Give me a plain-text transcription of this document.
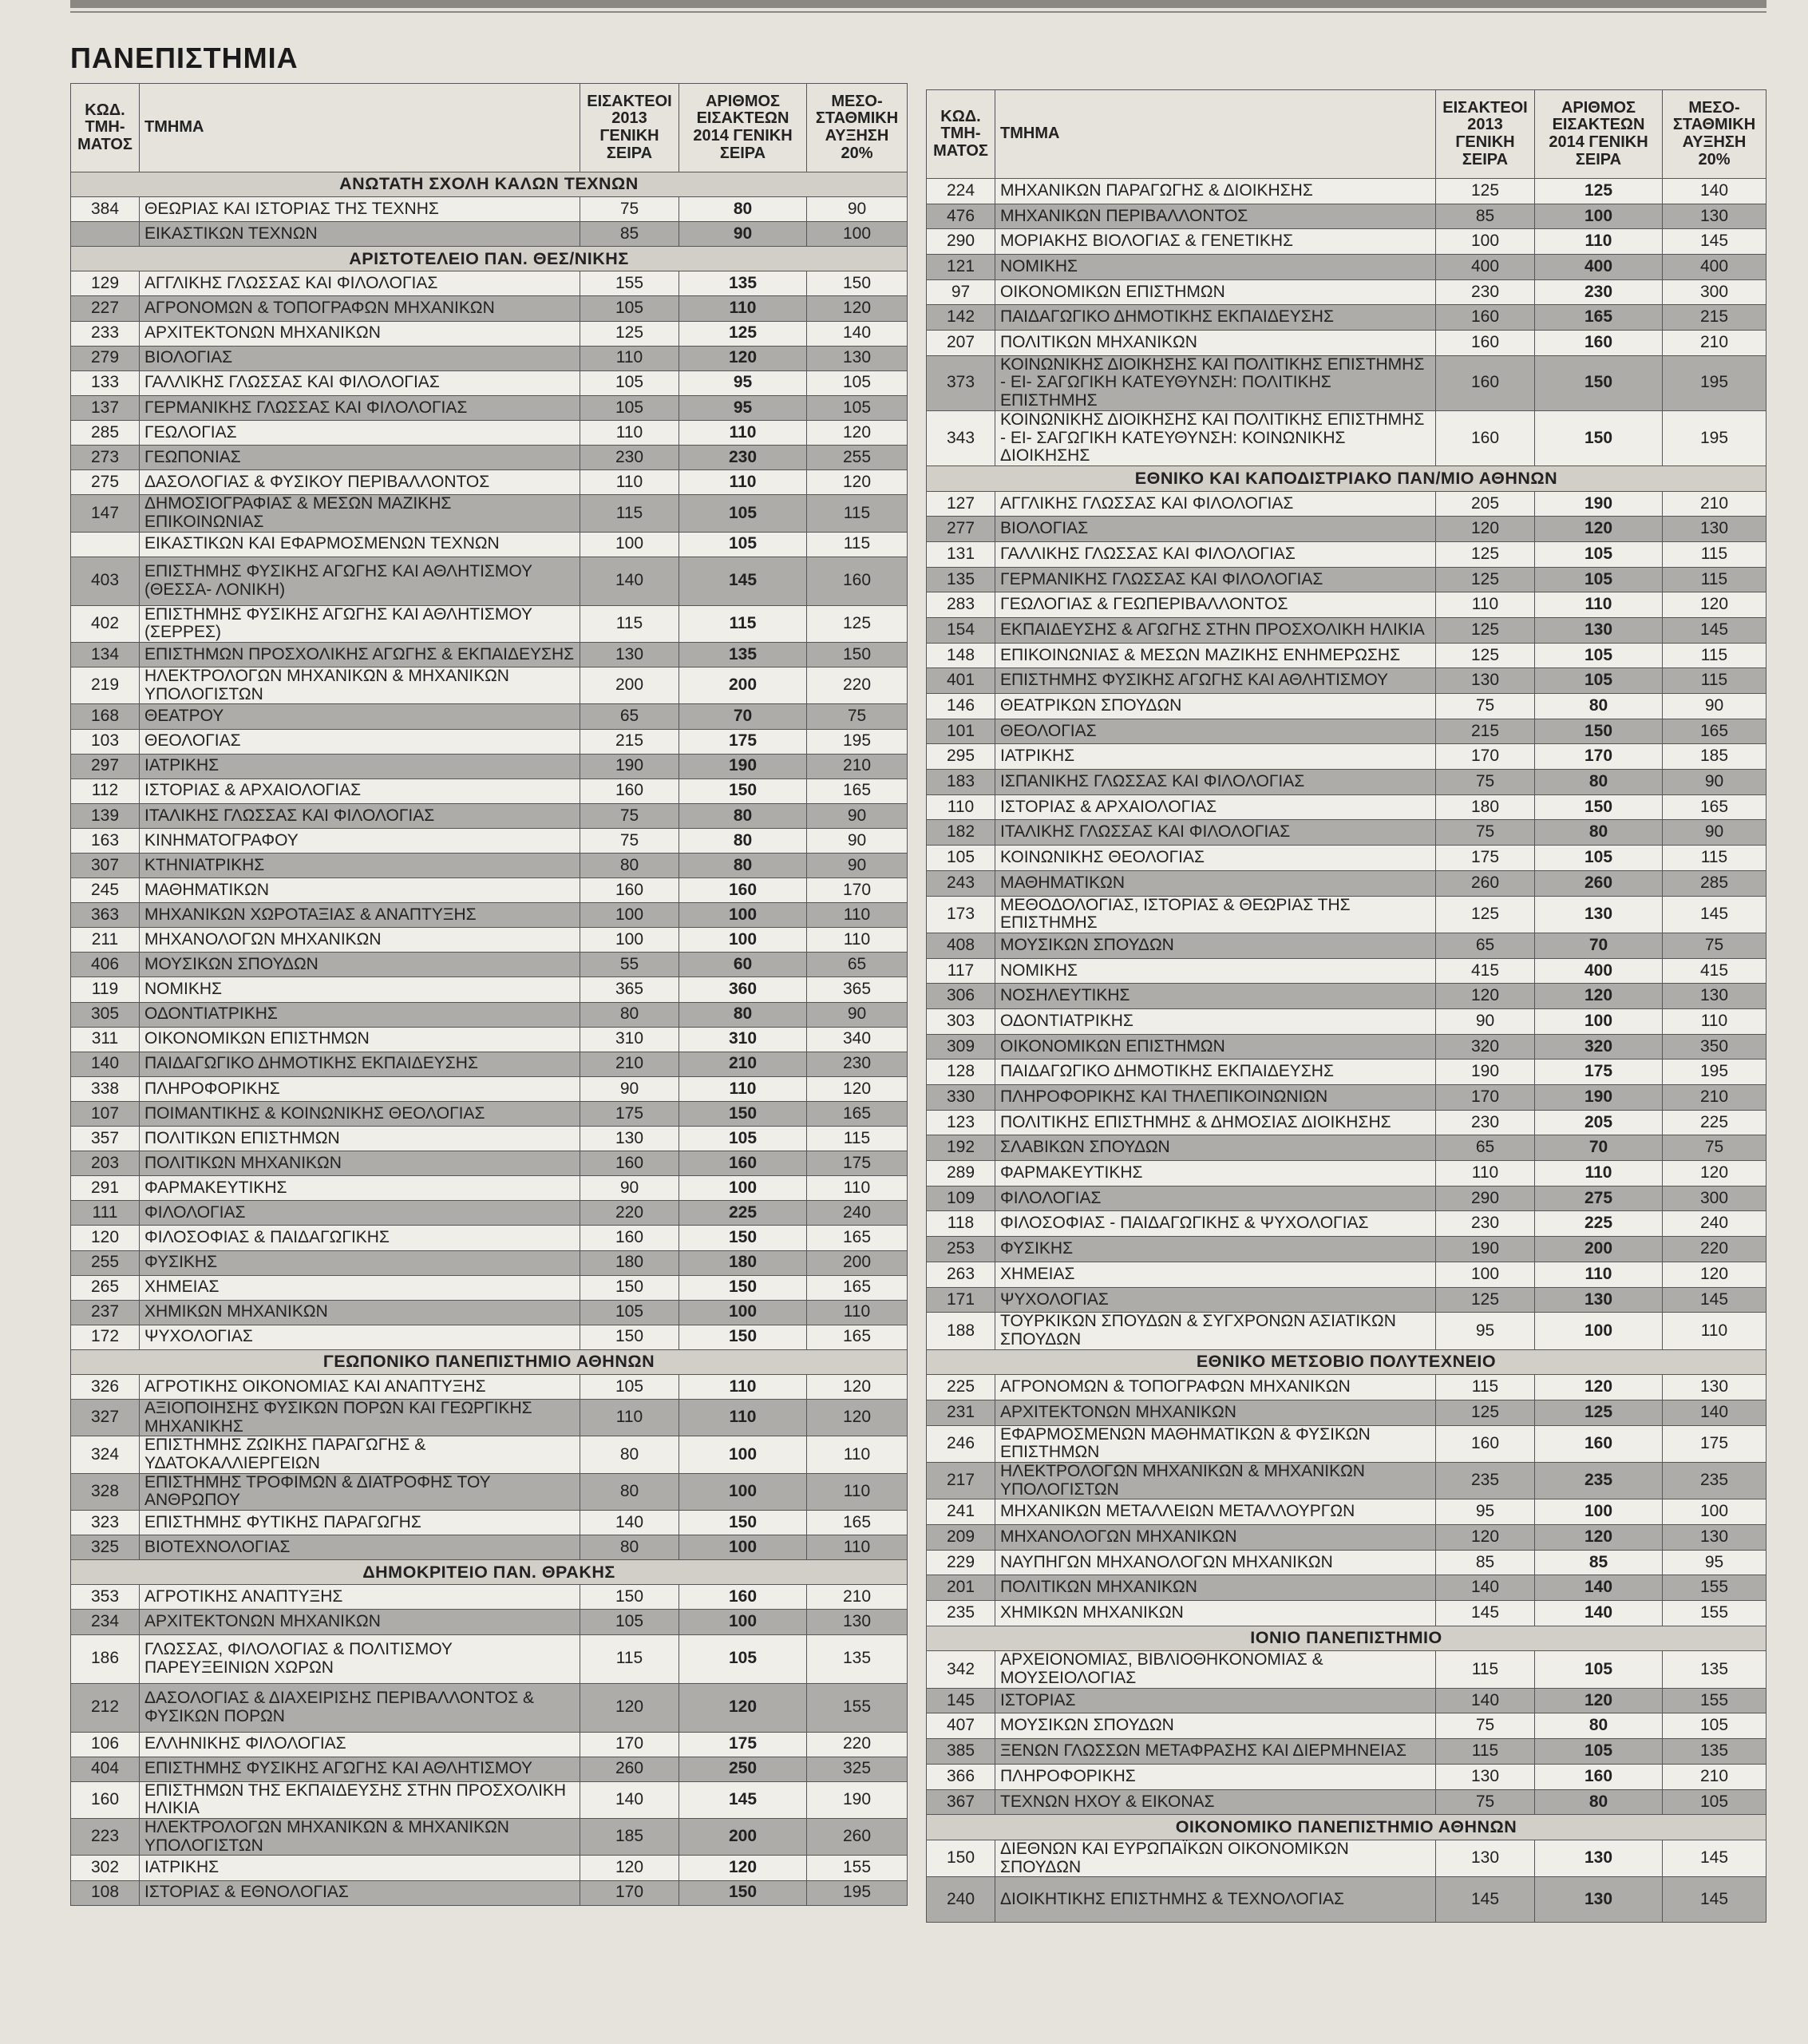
ΠΑΝΕΠΙΣΤΗΜΙΑ
ΚΩΔ. ΤΜΗ- ΜΑΤΟΣ	ΤΜΗΜΑ	ΕΙΣΑΚΤΕΟΙ 2013 ΓΕΝΙΚΗ ΣΕΙΡΑ	ΑΡΙΘΜΟΣ ΕΙΣΑΚΤΕΩΝ 2014 ΓΕΝΙΚΗ ΣΕΙΡΑ	ΜΕΣΟ- ΣΤΑΘΜΙΚΗ ΑΥΞΗΣΗ 20%
ΑΝΩΤΑΤΗ ΣΧΟΛΗ ΚΑΛΩΝ ΤΕΧΝΩΝ				
384	ΘΕΩΡΙΑΣ ΚΑΙ ΙΣΤΟΡΙΑΣ ΤΗΣ ΤΕΧΝΗΣ	75	80	90
	ΕΙΚΑΣΤΙΚΩΝ ΤΕΧΝΩΝ	85	90	100
ΑΡΙΣΤΟΤΕΛΕΙΟ ΠΑΝ. ΘΕΣ/ΝΙΚΗΣ				
129	ΑΓΓΛΙΚΗΣ ΓΛΩΣΣΑΣ ΚΑΙ ΦΙΛΟΛΟΓΙΑΣ	155	135	150
227	ΑΓΡΟΝΟΜΩΝ & ΤΟΠΟΓΡΑΦΩΝ ΜΗΧΑΝΙΚΩΝ	105	110	120
233	ΑΡΧΙΤΕΚΤΟΝΩΝ ΜΗΧΑΝΙΚΩΝ	125	125	140
279	ΒΙΟΛΟΓΙΑΣ	110	120	130
133	ΓΑΛΛΙΚΗΣ ΓΛΩΣΣΑΣ ΚΑΙ ΦΙΛΟΛΟΓΙΑΣ	105	95	105
137	ΓΕΡΜΑΝΙΚΗΣ ΓΛΩΣΣΑΣ ΚΑΙ ΦΙΛΟΛΟΓΙΑΣ	105	95	105
285	ΓΕΩΛΟΓΙΑΣ	110	110	120
273	ΓΕΩΠΟΝΙΑΣ	230	230	255
275	ΔΑΣΟΛΟΓΙΑΣ & ΦΥΣΙΚΟΥ ΠΕΡΙΒΑΛΛΟΝΤΟΣ	110	110	120
147	ΔΗΜΟΣΙΟΓΡΑΦΙΑΣ & ΜΕΣΩΝ ΜΑΖΙΚΗΣ ΕΠΙΚΟΙΝΩΝΙΑΣ	115	105	115
	ΕΙΚΑΣΤΙΚΩΝ ΚΑΙ ΕΦΑΡΜΟΣΜΕΝΩΝ ΤΕΧΝΩΝ	100	105	115
403	ΕΠΙΣΤΗΜΗΣ ΦΥΣΙΚΗΣ ΑΓΩΓΗΣ ΚΑΙ ΑΘΛΗΤΙΣΜΟΥ (ΘΕΣΣΑ- ΛΟΝΙΚΗ)	140	145	160
402	ΕΠΙΣΤΗΜΗΣ ΦΥΣΙΚΗΣ ΑΓΩΓΗΣ ΚΑΙ ΑΘΛΗΤΙΣΜΟΥ (ΣΕΡΡΕΣ)	115	115	125
134	ΕΠΙΣΤΗΜΩΝ ΠΡΟΣΧΟΛΙΚΗΣ ΑΓΩΓΗΣ & ΕΚΠΑΙΔΕΥΣΗΣ	130	135	150
219	ΗΛΕΚΤΡΟΛΟΓΩΝ ΜΗΧΑΝΙΚΩΝ & ΜΗΧΑΝΙΚΩΝ ΥΠΟΛΟΓΙΣΤΩΝ	200	200	220
168	ΘΕΑΤΡΟΥ	65	70	75
103	ΘΕΟΛΟΓΙΑΣ	215	175	195
297	ΙΑΤΡΙΚΗΣ	190	190	210
112	ΙΣΤΟΡΙΑΣ & ΑΡΧΑΙΟΛΟΓΙΑΣ	160	150	165
139	ΙΤΑΛΙΚΗΣ ΓΛΩΣΣΑΣ ΚΑΙ ΦΙΛΟΛΟΓΙΑΣ	75	80	90
163	ΚΙΝΗΜΑΤΟΓΡΑΦΟΥ	75	80	90
307	ΚΤΗΝΙΑΤΡΙΚΗΣ	80	80	90
245	ΜΑΘΗΜΑΤΙΚΩΝ	160	160	170
363	ΜΗΧΑΝΙΚΩΝ ΧΩΡΟΤΑΞΙΑΣ & ΑΝΑΠΤΥΞΗΣ	100	100	110
211	ΜΗΧΑΝΟΛΟΓΩΝ ΜΗΧΑΝΙΚΩΝ	100	100	110
406	ΜΟΥΣΙΚΩΝ ΣΠΟΥΔΩΝ	55	60	65
119	ΝΟΜΙΚΗΣ	365	360	365
305	ΟΔΟΝΤΙΑΤΡΙΚΗΣ	80	80	90
311	ΟΙΚΟΝΟΜΙΚΩΝ ΕΠΙΣΤΗΜΩΝ	310	310	340
140	ΠΑΙΔΑΓΩΓΙΚΟ ΔΗΜΟΤΙΚΗΣ ΕΚΠΑΙΔΕΥΣΗΣ	210	210	230
338	ΠΛΗΡΟΦΟΡΙΚΗΣ	90	110	120
107	ΠΟΙΜΑΝΤΙΚΗΣ & ΚΟΙΝΩΝΙΚΗΣ ΘΕΟΛΟΓΙΑΣ	175	150	165
357	ΠΟΛΙΤΙΚΩΝ ΕΠΙΣΤΗΜΩΝ	130	105	115
203	ΠΟΛΙΤΙΚΩΝ ΜΗΧΑΝΙΚΩΝ	160	160	175
291	ΦΑΡΜΑΚΕΥΤΙΚΗΣ	90	100	110
111	ΦΙΛΟΛΟΓΙΑΣ	220	225	240
120	ΦΙΛΟΣΟΦΙΑΣ & ΠΑΙΔΑΓΩΓΙΚΗΣ	160	150	165
255	ΦΥΣΙΚΗΣ	180	180	200
265	ΧΗΜΕΙΑΣ	150	150	165
237	ΧΗΜΙΚΩΝ ΜΗΧΑΝΙΚΩΝ	105	100	110
172	ΨΥΧΟΛΟΓΙΑΣ	150	150	165
ΓΕΩΠΟΝΙΚΟ ΠΑΝΕΠΙΣΤΗΜΙΟ ΑΘΗΝΩΝ				
326	ΑΓΡΟΤΙΚΗΣ ΟΙΚΟΝΟΜΙΑΣ ΚΑΙ ΑΝΑΠΤΥΞΗΣ	105	110	120
327	ΑΞΙΟΠΟΙΗΣΗΣ ΦΥΣΙΚΩΝ ΠΟΡΩΝ ΚΑΙ ΓΕΩΡΓΙΚΗΣ ΜΗΧΑΝΙΚΗΣ	110	110	120
324	ΕΠΙΣΤΗΜΗΣ ΖΩΙΚΗΣ ΠΑΡΑΓΩΓΗΣ & ΥΔΑΤΟΚΑΛΛΙΕΡΓΕΙΩΝ	80	100	110
328	ΕΠΙΣΤΗΜΗΣ ΤΡΟΦΙΜΩΝ & ΔΙΑΤΡΟΦΗΣ ΤΟΥ ΑΝΘΡΩΠΟΥ	80	100	110
323	ΕΠΙΣΤΗΜΗΣ ΦΥΤΙΚΗΣ ΠΑΡΑΓΩΓΗΣ	140	150	165
325	ΒΙΟΤΕΧΝΟΛΟΓΙΑΣ	80	100	110
ΔΗΜΟΚΡΙΤΕΙΟ ΠΑΝ. ΘΡΑΚΗΣ				
353	ΑΓΡΟΤΙΚΗΣ ΑΝΑΠΤΥΞΗΣ	150	160	210
234	ΑΡΧΙΤΕΚΤΟΝΩΝ ΜΗΧΑΝΙΚΩΝ	105	100	130
186	ΓΛΩΣΣΑΣ, ΦΙΛΟΛΟΓΙΑΣ & ΠΟΛΙΤΙΣΜΟΥ ΠΑΡΕΥΞΕΙΝΙΩΝ ΧΩΡΩΝ	115	105	135
212	ΔΑΣΟΛΟΓΙΑΣ & ΔΙΑΧΕΙΡΙΣΗΣ ΠΕΡΙΒΑΛΛΟΝΤΟΣ & ΦΥΣΙΚΩΝ ΠΟΡΩΝ	120	120	155
106	ΕΛΛΗΝΙΚΗΣ ΦΙΛΟΛΟΓΙΑΣ	170	175	220
404	ΕΠΙΣΤΗΜΗΣ ΦΥΣΙΚΗΣ ΑΓΩΓΗΣ ΚΑΙ ΑΘΛΗΤΙΣΜΟΥ	260	250	325
160	ΕΠΙΣΤΗΜΩΝ ΤΗΣ ΕΚΠΑΙΔΕΥΣΗΣ ΣΤΗΝ ΠΡΟΣΧΟΛΙΚΗ ΗΛΙΚΙΑ	140	145	190
223	ΗΛΕΚΤΡΟΛΟΓΩΝ ΜΗΧΑΝΙΚΩΝ & ΜΗΧΑΝΙΚΩΝ ΥΠΟΛΟΓΙΣΤΩΝ	185	200	260
302	ΙΑΤΡΙΚΗΣ	120	120	155
108	ΙΣΤΟΡΙΑΣ & ΕΘΝΟΛΟΓΙΑΣ	170	150	195
ΚΩΔ. ΤΜΗ- ΜΑΤΟΣ	ΤΜΗΜΑ	ΕΙΣΑΚΤΕΟΙ 2013 ΓΕΝΙΚΗ ΣΕΙΡΑ	ΑΡΙΘΜΟΣ ΕΙΣΑΚΤΕΩΝ 2014 ΓΕΝΙΚΗ ΣΕΙΡΑ	ΜΕΣΟ- ΣΤΑΘΜΙΚΗ ΑΥΞΗΣΗ 20%
224	ΜΗΧΑΝΙΚΩΝ ΠΑΡΑΓΩΓΗΣ & ΔΙΟΙΚΗΣΗΣ	125	125	140
476	ΜΗΧΑΝΙΚΩΝ ΠΕΡΙΒΑΛΛΟΝΤΟΣ	85	100	130
290	ΜΟΡΙΑΚΗΣ ΒΙΟΛΟΓΙΑΣ & ΓΕΝΕΤΙΚΗΣ	100	110	145
121	ΝΟΜΙΚΗΣ	400	400	400
97	ΟΙΚΟΝΟΜΙΚΩΝ ΕΠΙΣΤΗΜΩΝ	230	230	300
142	ΠΑΙΔΑΓΩΓΙΚΟ ΔΗΜΟΤΙΚΗΣ ΕΚΠΑΙΔΕΥΣΗΣ	160	165	215
207	ΠΟΛΙΤΙΚΩΝ ΜΗΧΑΝΙΚΩΝ	160	160	210
373	ΚΟΙΝΩΝΙΚΗΣ ΔΙΟΙΚΗΣΗΣ ΚΑΙ ΠΟΛΙΤΙΚΗΣ ΕΠΙΣΤΗΜΗΣ - ΕΙ- ΣΑΓΩΓΙΚΗ ΚΑΤΕΥΘΥΝΣΗ: ΠΟΛΙΤΙΚΗΣ ΕΠΙΣΤΗΜΗΣ	160	150	195
343	ΚΟΙΝΩΝΙΚΗΣ ΔΙΟΙΚΗΣΗΣ ΚΑΙ ΠΟΛΙΤΙΚΗΣ ΕΠΙΣΤΗΜΗΣ - ΕΙ- ΣΑΓΩΓΙΚΗ ΚΑΤΕΥΘΥΝΣΗ: ΚΟΙΝΩΝΙΚΗΣ ΔΙΟΙΚΗΣΗΣ	160	150	195
ΕΘΝΙΚΟ ΚΑΙ ΚΑΠΟΔΙΣΤΡΙΑΚΟ ΠΑΝ/ΜΙΟ ΑΘΗΝΩΝ				
127	ΑΓΓΛΙΚΗΣ ΓΛΩΣΣΑΣ ΚΑΙ ΦΙΛΟΛΟΓΙΑΣ	205	190	210
277	ΒΙΟΛΟΓΙΑΣ	120	120	130
131	ΓΑΛΛΙΚΗΣ ΓΛΩΣΣΑΣ ΚΑΙ ΦΙΛΟΛΟΓΙΑΣ	125	105	115
135	ΓΕΡΜΑΝΙΚΗΣ ΓΛΩΣΣΑΣ ΚΑΙ ΦΙΛΟΛΟΓΙΑΣ	125	105	115
283	ΓΕΩΛΟΓΙΑΣ & ΓΕΩΠΕΡΙΒΑΛΛΟΝΤΟΣ	110	110	120
154	ΕΚΠΑΙΔΕΥΣΗΣ & ΑΓΩΓΗΣ ΣΤΗΝ ΠΡΟΣΧΟΛΙΚΗ ΗΛΙΚΙΑ	125	130	145
148	ΕΠΙΚΟΙΝΩΝΙΑΣ & ΜΕΣΩΝ ΜΑΖΙΚΗΣ ΕΝΗΜΕΡΩΣΗΣ	125	105	115
401	ΕΠΙΣΤΗΜΗΣ ΦΥΣΙΚΗΣ ΑΓΩΓΗΣ ΚΑΙ ΑΘΛΗΤΙΣΜΟΥ	130	105	115
146	ΘΕΑΤΡΙΚΩΝ ΣΠΟΥΔΩΝ	75	80	90
101	ΘΕΟΛΟΓΙΑΣ	215	150	165
295	ΙΑΤΡΙΚΗΣ	170	170	185
183	ΙΣΠΑΝΙΚΗΣ ΓΛΩΣΣΑΣ ΚΑΙ ΦΙΛΟΛΟΓΙΑΣ	75	80	90
110	ΙΣΤΟΡΙΑΣ & ΑΡΧΑΙΟΛΟΓΙΑΣ	180	150	165
182	ΙΤΑΛΙΚΗΣ ΓΛΩΣΣΑΣ ΚΑΙ ΦΙΛΟΛΟΓΙΑΣ	75	80	90
105	ΚΟΙΝΩΝΙΚΗΣ ΘΕΟΛΟΓΙΑΣ	175	105	115
243	ΜΑΘΗΜΑΤΙΚΩΝ	260	260	285
173	ΜΕΘΟΔΟΛΟΓΙΑΣ, ΙΣΤΟΡΙΑΣ & ΘΕΩΡΙΑΣ ΤΗΣ ΕΠΙΣΤΗΜΗΣ	125	130	145
408	ΜΟΥΣΙΚΩΝ ΣΠΟΥΔΩΝ	65	70	75
117	ΝΟΜΙΚΗΣ	415	400	415
306	ΝΟΣΗΛΕΥΤΙΚΗΣ	120	120	130
303	ΟΔΟΝΤΙΑΤΡΙΚΗΣ	90	100	110
309	ΟΙΚΟΝΟΜΙΚΩΝ ΕΠΙΣΤΗΜΩΝ	320	320	350
128	ΠΑΙΔΑΓΩΓΙΚΟ ΔΗΜΟΤΙΚΗΣ ΕΚΠΑΙΔΕΥΣΗΣ	190	175	195
330	ΠΛΗΡΟΦΟΡΙΚΗΣ ΚΑΙ ΤΗΛΕΠΙΚΟΙΝΩΝΙΩΝ	170	190	210
123	ΠΟΛΙΤΙΚΗΣ ΕΠΙΣΤΗΜΗΣ & ΔΗΜΟΣΙΑΣ ΔΙΟΙΚΗΣΗΣ	230	205	225
192	ΣΛΑΒΙΚΩΝ ΣΠΟΥΔΩΝ	65	70	75
289	ΦΑΡΜΑΚΕΥΤΙΚΗΣ	110	110	120
109	ΦΙΛΟΛΟΓΙΑΣ	290	275	300
118	ΦΙΛΟΣΟΦΙΑΣ - ΠΑΙΔΑΓΩΓΙΚΗΣ & ΨΥΧΟΛΟΓΙΑΣ	230	225	240
253	ΦΥΣΙΚΗΣ	190	200	220
263	ΧΗΜΕΙΑΣ	100	110	120
171	ΨΥΧΟΛΟΓΙΑΣ	125	130	145
188	ΤΟΥΡΚΙΚΩΝ ΣΠΟΥΔΩΝ & ΣΥΓΧΡΟΝΩΝ ΑΣΙΑΤΙΚΩΝ ΣΠΟΥΔΩΝ	95	100	110
ΕΘΝΙΚΟ ΜΕΤΣΟΒΙΟ ΠΟΛΥΤΕΧΝΕΙΟ				
225	ΑΓΡΟΝΟΜΩΝ & ΤΟΠΟΓΡΑΦΩΝ ΜΗΧΑΝΙΚΩΝ	115	120	130
231	ΑΡΧΙΤΕΚΤΟΝΩΝ ΜΗΧΑΝΙΚΩΝ	125	125	140
246	ΕΦΑΡΜΟΣΜΕΝΩΝ ΜΑΘΗΜΑΤΙΚΩΝ & ΦΥΣΙΚΩΝ ΕΠΙΣΤΗΜΩΝ	160	160	175
217	ΗΛΕΚΤΡΟΛΟΓΩΝ ΜΗΧΑΝΙΚΩΝ & ΜΗΧΑΝΙΚΩΝ ΥΠΟΛΟΓΙΣΤΩΝ	235	235	235
241	ΜΗΧΑΝΙΚΩΝ ΜΕΤΑΛΛΕΙΩΝ ΜΕΤΑΛΛΟΥΡΓΩΝ	95	100	100
209	ΜΗΧΑΝΟΛΟΓΩΝ ΜΗΧΑΝΙΚΩΝ	120	120	130
229	ΝΑΥΠΗΓΩΝ ΜΗΧΑΝΟΛΟΓΩΝ ΜΗΧΑΝΙΚΩΝ	85	85	95
201	ΠΟΛΙΤΙΚΩΝ ΜΗΧΑΝΙΚΩΝ	140	140	155
235	ΧΗΜΙΚΩΝ ΜΗΧΑΝΙΚΩΝ	145	140	155
ΙΟΝΙΟ ΠΑΝΕΠΙΣΤΗΜΙΟ				
342	ΑΡΧΕΙΟΝΟΜΙΑΣ, ΒΙΒΛΙΟΘΗΚΟΝΟΜΙΑΣ & ΜΟΥΣΕΙΟΛΟΓΙΑΣ	115	105	135
145	ΙΣΤΟΡΙΑΣ	140	120	155
407	ΜΟΥΣΙΚΩΝ ΣΠΟΥΔΩΝ	75	80	105
385	ΞΕΝΩΝ ΓΛΩΣΣΩΝ ΜΕΤΑΦΡΑΣΗΣ ΚΑΙ ΔΙΕΡΜΗΝΕΙΑΣ	115	105	135
366	ΠΛΗΡΟΦΟΡΙΚΗΣ	130	160	210
367	ΤΕΧΝΩΝ ΗΧΟΥ & ΕΙΚΟΝΑΣ	75	80	105
ΟΙΚΟΝΟΜΙΚΟ ΠΑΝΕΠΙΣΤΗΜΙΟ ΑΘΗΝΩΝ				
150	ΔΙΕΘΝΩΝ ΚΑΙ ΕΥΡΩΠΑΪΚΩΝ ΟΙΚΟΝΟΜΙΚΩΝ ΣΠΟΥΔΩΝ	130	130	145
240	ΔΙΟΙΚΗΤΙΚΗΣ ΕΠΙΣΤΗΜΗΣ & ΤΕΧΝΟΛΟΓΙΑΣ	145	130	145
